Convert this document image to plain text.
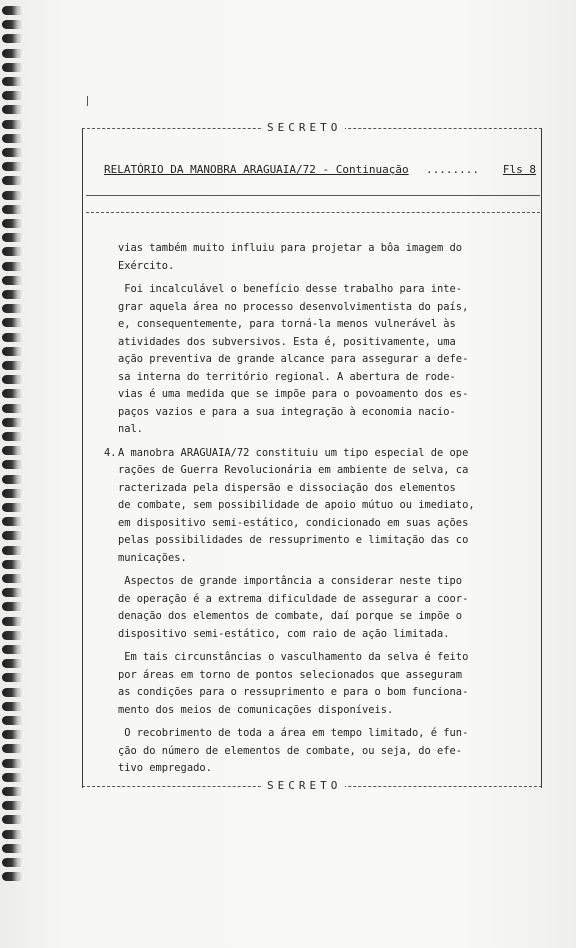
SECRETO
RELATÓRIO DA MANOBRA ARAGUAIA/72 - Continuação ........ Fls 8
vias também muito influiu para projetar a bôa imagem do
Exército.
Foi incalculável o benefício desse trabalho para inte-
grar aquela área no processo desenvolvimentista do país,
e, consequentemente, para torná-la menos vulnerável às
atividades dos subversivos. Esta é, positivamente, uma
ação preventiva de grande alcance para assegurar a defe-
sa interna do território regional. A abertura de rode-
vias é uma medida que se impõe para o povoamento dos es-
paços vazios e para a sua integração à economia nacio-
nal.
4. A manobra ARAGUAIA/72 constituiu um tipo especial de ope
rações de Guerra Revolucionária em ambiente de selva, ca
racterizada pela dispersão e dissociação dos elementos
de combate, sem possibilidade de apoio mútuo ou imediato,
em dispositivo semi-estático, condicionado em suas ações
pelas possibilidades de ressuprimento e limitação das co
municações.
Aspectos de grande importância a considerar neste tipo
de operação é a extrema dificuldade de assegurar a coor-
denação dos elementos de combate, daí porque se impõe o
dispositivo semi-estático, com raio de ação limitada.
Em tais circunstâncias o vasculhamento da selva é feito
por áreas em torno de pontos selecionados que asseguram
as condições para o ressuprimento e para o bom funciona-
mento dos meios de comunicações disponíveis.
O recobrimento de toda a área em tempo limitado, é fun-
ção do número de elementos de combate, ou seja, do efe-
tivo empregado.
SECRETO
